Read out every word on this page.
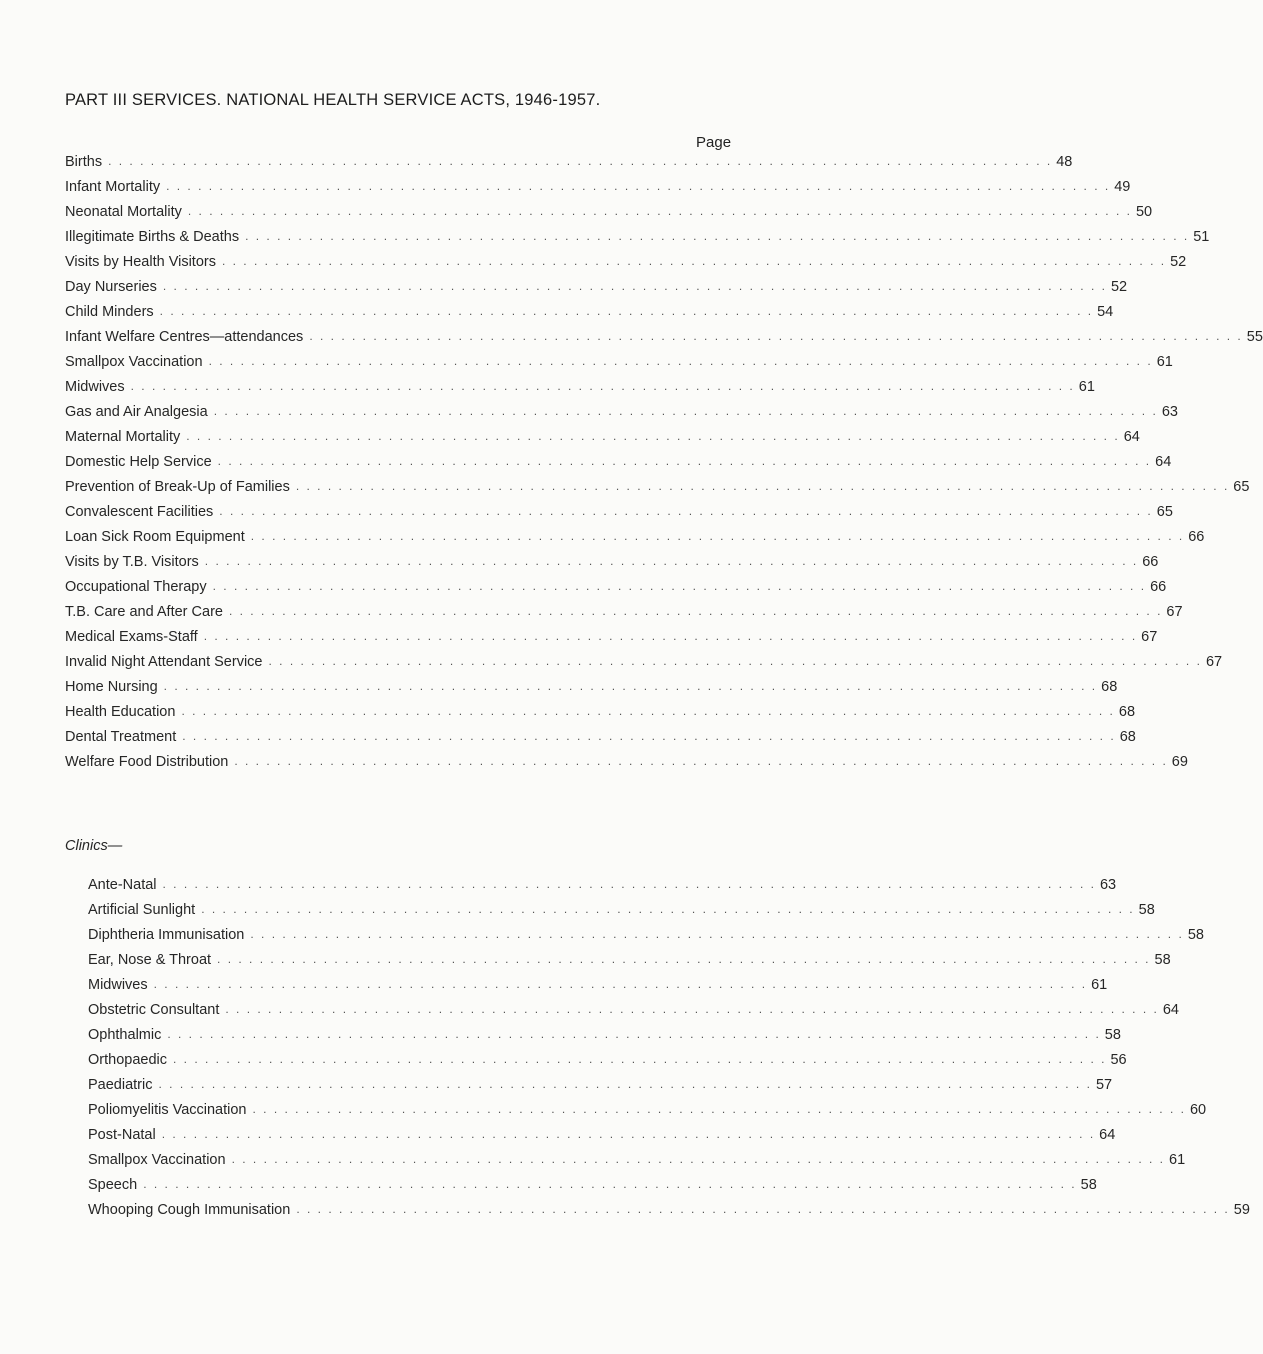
PART III SERVICES. NATIONAL HEALTH SERVICE ACTS, 1946-1957.
Page
Births . . . . . . . . . . . . . . . . . . . . . . . . . . . . . . . . . . . . . . . . . . . . . . . . . . . . . . . . . . . . . . . . . . . . . . . . . . . . . . . . . . . . . . . . . 48
Infant Mortality . . . . . . . . . . . . . . . . . . . . . . . . . . . . . . . . . . . . . . . . . . . . . . . . . . . . . . . . . . . . . . . . . . . . . . . . . . . . . . . . . . . . . . . . . 49
Neonatal Mortality . . . . . . . . . . . . . . . . . . . . . . . . . . . . . . . . . . . . . . . . . . . . . . . . . . . . . . . . . . . . . . . . . . . . . . . . . . . . . . . . . . . . . . . . . 50
Illegitimate Births & Deaths . . . . . . . . . . . . . . . . . . . . . . . . . . . . . . . . . . . . . . . . . . . . . . . . . . . . . . . . . . . . . . . . . . . . . . . . . . . . . . . . . . . . . . . . . 51
Visits by Health Visitors . . . . . . . . . . . . . . . . . . . . . . . . . . . . . . . . . . . . . . . . . . . . . . . . . . . . . . . . . . . . . . . . . . . . . . . . . . . . . . . . . . . . . . . . . 52
Day Nurseries . . . . . . . . . . . . . . . . . . . . . . . . . . . . . . . . . . . . . . . . . . . . . . . . . . . . . . . . . . . . . . . . . . . . . . . . . . . . . . . . . . . . . . . . . 52
Child Minders . . . . . . . . . . . . . . . . . . . . . . . . . . . . . . . . . . . . . . . . . . . . . . . . . . . . . . . . . . . . . . . . . . . . . . . . . . . . . . . . . . . . . . . . 54
Infant Welfare Centres—attendances . . . . . . . . . . . . . . . . . . . . . . . . . . . . . . . . . . . . . . . . . . . . . . . . . . . . . . . . . . . . . . . . . . . . . . . . . . . . . . . . . . . . . . . . 55
Smallpox Vaccination . . . . . . . . . . . . . . . . . . . . . . . . . . . . . . . . . . . . . . . . . . . . . . . . . . . . . . . . . . . . . . . . . . . . . . . . . . . . . . . . . . . . . . . . . 61
Midwives . . . . . . . . . . . . . . . . . . . . . . . . . . . . . . . . . . . . . . . . . . . . . . . . . . . . . . . . . . . . . . . . . . . . . . . . . . . . . . . . . . . . . . . . . 61
Gas and Air Analgesia . . . . . . . . . . . . . . . . . . . . . . . . . . . . . . . . . . . . . . . . . . . . . . . . . . . . . . . . . . . . . . . . . . . . . . . . . . . . . . . . . . . . . . . . . 63
Maternal Mortality . . . . . . . . . . . . . . . . . . . . . . . . . . . . . . . . . . . . . . . . . . . . . . . . . . . . . . . . . . . . . . . . . . . . . . . . . . . . . . . . . . . . . . . . 64
Domestic Help Service . . . . . . . . . . . . . . . . . . . . . . . . . . . . . . . . . . . . . . . . . . . . . . . . . . . . . . . . . . . . . . . . . . . . . . . . . . . . . . . . . . . . . . . . 64
Prevention of Break-Up of Families . . . . . . . . . . . . . . . . . . . . . . . . . . . . . . . . . . . . . . . . . . . . . . . . . . . . . . . . . . . . . . . . . . . . . . . . . . . . . . . . . . . . . . . . 65
Convalescent Facilities . . . . . . . . . . . . . . . . . . . . . . . . . . . . . . . . . . . . . . . . . . . . . . . . . . . . . . . . . . . . . . . . . . . . . . . . . . . . . . . . . . . . . . . . 65
Loan Sick Room Equipment . . . . . . . . . . . . . . . . . . . . . . . . . . . . . . . . . . . . . . . . . . . . . . . . . . . . . . . . . . . . . . . . . . . . . . . . . . . . . . . . . . . . . . . . 66
Visits by T.B. Visitors . . . . . . . . . . . . . . . . . . . . . . . . . . . . . . . . . . . . . . . . . . . . . . . . . . . . . . . . . . . . . . . . . . . . . . . . . . . . . . . . . . . . . . . . 66
Occupational Therapy . . . . . . . . . . . . . . . . . . . . . . . . . . . . . . . . . . . . . . . . . . . . . . . . . . . . . . . . . . . . . . . . . . . . . . . . . . . . . . . . . . . . . . . . 66
T.B. Care and After Care . . . . . . . . . . . . . . . . . . . . . . . . . . . . . . . . . . . . . . . . . . . . . . . . . . . . . . . . . . . . . . . . . . . . . . . . . . . . . . . . . . . . . . . . 67
Medical Exams-Staff . . . . . . . . . . . . . . . . . . . . . . . . . . . . . . . . . . . . . . . . . . . . . . . . . . . . . . . . . . . . . . . . . . . . . . . . . . . . . . . . . . . . . . . . 67
Invalid Night Attendant Service . . . . . . . . . . . . . . . . . . . . . . . . . . . . . . . . . . . . . . . . . . . . . . . . . . . . . . . . . . . . . . . . . . . . . . . . . . . . . . . . . . . . . . . . 67
Home Nursing . . . . . . . . . . . . . . . . . . . . . . . . . . . . . . . . . . . . . . . . . . . . . . . . . . . . . . . . . . . . . . . . . . . . . . . . . . . . . . . . . . . . . . . . 68
Health Education . . . . . . . . . . . . . . . . . . . . . . . . . . . . . . . . . . . . . . . . . . . . . . . . . . . . . . . . . . . . . . . . . . . . . . . . . . . . . . . . . . . . . . . . 68
Dental Treatment . . . . . . . . . . . . . . . . . . . . . . . . . . . . . . . . . . . . . . . . . . . . . . . . . . . . . . . . . . . . . . . . . . . . . . . . . . . . . . . . . . . . . . . . 68
Welfare Food Distribution . . . . . . . . . . . . . . . . . . . . . . . . . . . . . . . . . . . . . . . . . . . . . . . . . . . . . . . . . . . . . . . . . . . . . . . . . . . . . . . . . . . . . . . . 69
Clinics—
Ante-Natal . . . . . . . . . . . . . . . . . . . . . . . . . . . . . . . . . . . . . . . . . . . . . . . . . . . . . . . . . . . . . . . . . . . . . . . . . . . . . . . . . . . . . . . . 63
Artificial Sunlight . . . . . . . . . . . . . . . . . . . . . . . . . . . . . . . . . . . . . . . . . . . . . . . . . . . . . . . . . . . . . . . . . . . . . . . . . . . . . . . . . . . . . . . . 58
Diphtheria Immunisation . . . . . . . . . . . . . . . . . . . . . . . . . . . . . . . . . . . . . . . . . . . . . . . . . . . . . . . . . . . . . . . . . . . . . . . . . . . . . . . . . . . . . . . . 58
Ear, Nose & Throat . . . . . . . . . . . . . . . . . . . . . . . . . . . . . . . . . . . . . . . . . . . . . . . . . . . . . . . . . . . . . . . . . . . . . . . . . . . . . . . . . . . . . . . . 58
Midwives . . . . . . . . . . . . . . . . . . . . . . . . . . . . . . . . . . . . . . . . . . . . . . . . . . . . . . . . . . . . . . . . . . . . . . . . . . . . . . . . . . . . . . . . 61
Obstetric Consultant . . . . . . . . . . . . . . . . . . . . . . . . . . . . . . . . . . . . . . . . . . . . . . . . . . . . . . . . . . . . . . . . . . . . . . . . . . . . . . . . . . . . . . . . 64
Ophthalmic . . . . . . . . . . . . . . . . . . . . . . . . . . . . . . . . . . . . . . . . . . . . . . . . . . . . . . . . . . . . . . . . . . . . . . . . . . . . . . . . . . . . . . . . 58
Orthopaedic . . . . . . . . . . . . . . . . . . . . . . . . . . . . . . . . . . . . . . . . . . . . . . . . . . . . . . . . . . . . . . . . . . . . . . . . . . . . . . . . . . . . . . . . 56
Paediatric . . . . . . . . . . . . . . . . . . . . . . . . . . . . . . . . . . . . . . . . . . . . . . . . . . . . . . . . . . . . . . . . . . . . . . . . . . . . . . . . . . . . . . . . 57
Poliomyelitis Vaccination . . . . . . . . . . . . . . . . . . . . . . . . . . . . . . . . . . . . . . . . . . . . . . . . . . . . . . . . . . . . . . . . . . . . . . . . . . . . . . . . . . . . . . . . 60
Post-Natal . . . . . . . . . . . . . . . . . . . . . . . . . . . . . . . . . . . . . . . . . . . . . . . . . . . . . . . . . . . . . . . . . . . . . . . . . . . . . . . . . . . . . . . . 64
Smallpox Vaccination . . . . . . . . . . . . . . . . . . . . . . . . . . . . . . . . . . . . . . . . . . . . . . . . . . . . . . . . . . . . . . . . . . . . . . . . . . . . . . . . . . . . . . . . 61
Speech . . . . . . . . . . . . . . . . . . . . . . . . . . . . . . . . . . . . . . . . . . . . . . . . . . . . . . . . . . . . . . . . . . . . . . . . . . . . . . . . . . . . . . . . 58
Whooping Cough Immunisation . . . . . . . . . . . . . . . . . . . . . . . . . . . . . . . . . . . . . . . . . . . . . . . . . . . . . . . . . . . . . . . . . . . . . . . . . . . . . . . . . . . . . . . . 59
